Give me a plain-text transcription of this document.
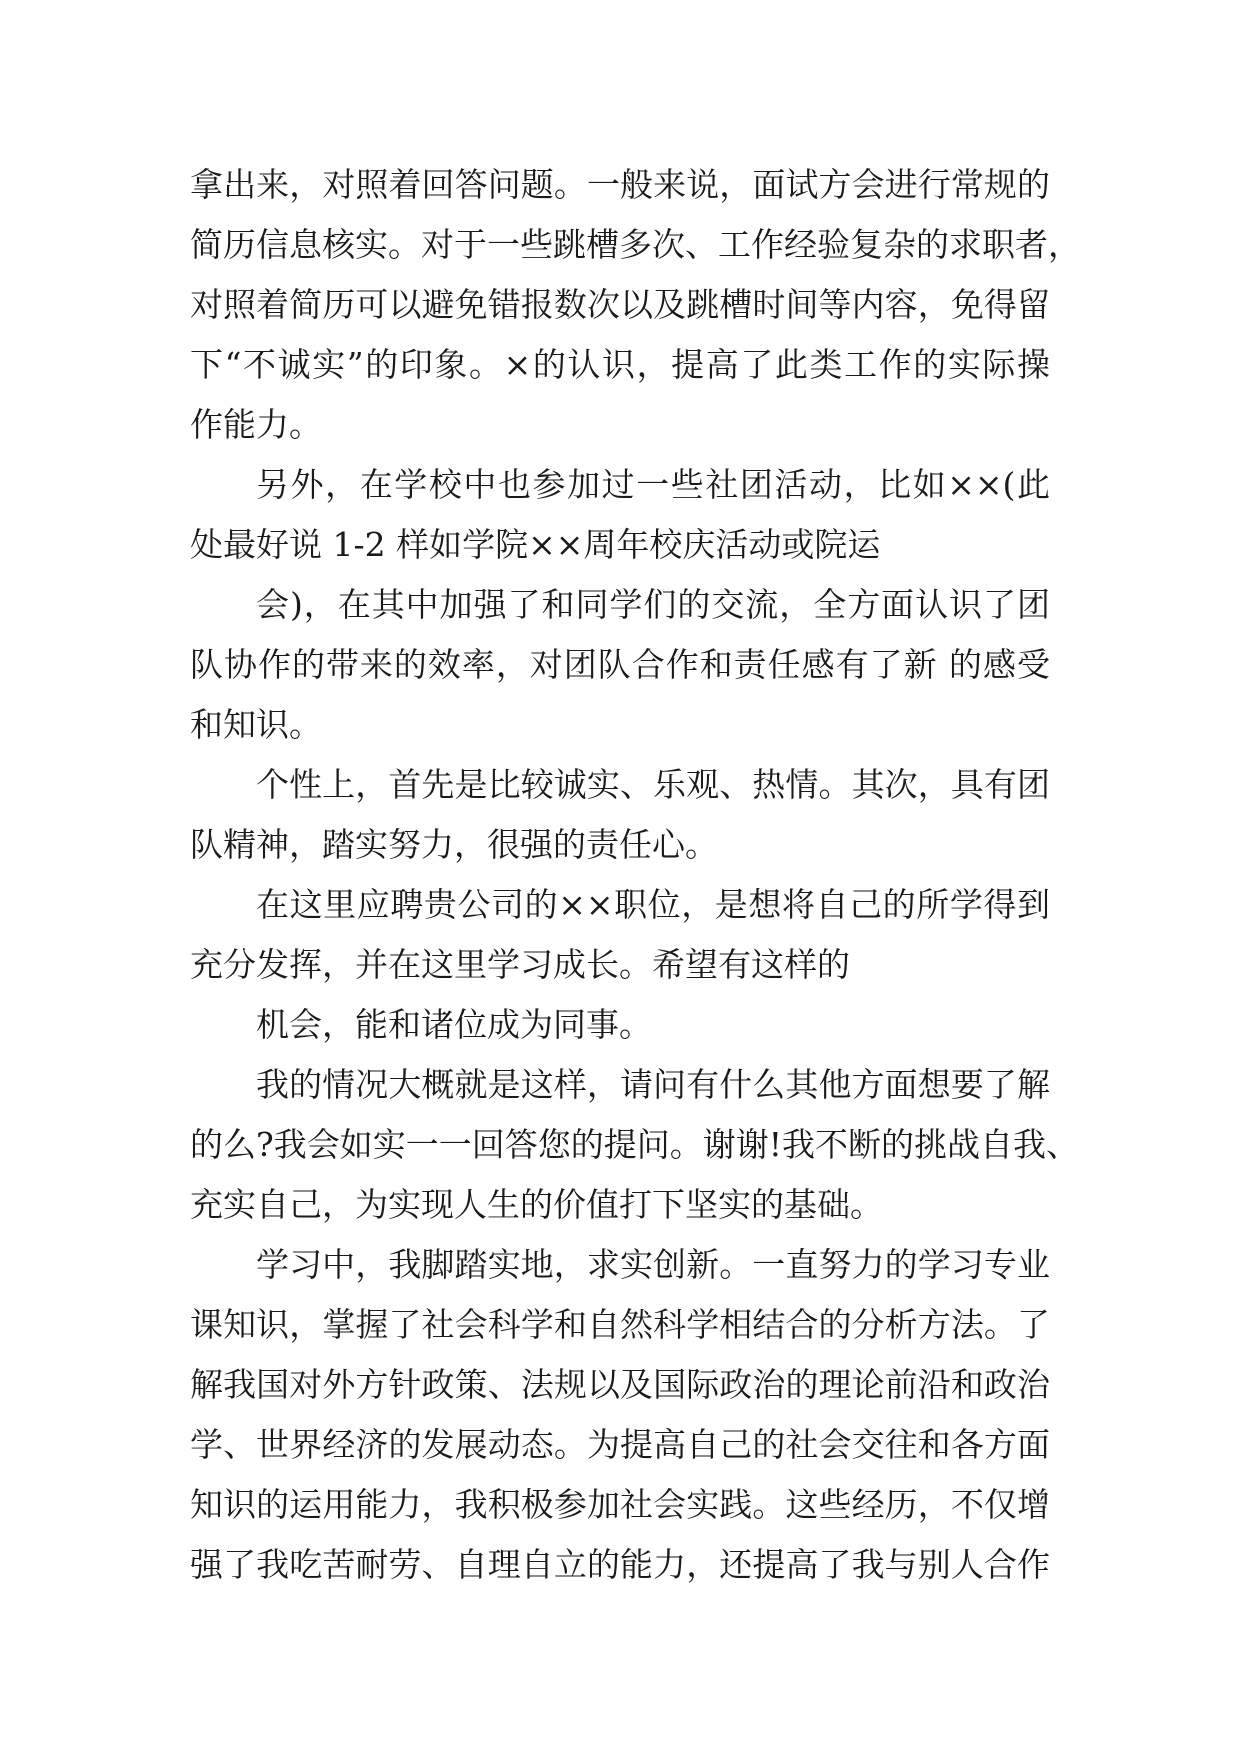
拿出来，对照着回答问题。一般来说，面试方会进行常规的
简历信息核实。对于一些跳槽多次、工作经验复杂的求职者，
对照着简历可以避免错报数次以及跳槽时间等内容，免得留
下“不诚实”的印象。×的认识，提高了此类工作的实际操
作能力。
另外，在学校中也参加过一些社团活动，比如××(此
处最好说 1-2 样如学院××周年校庆活动或院运
会)，在其中加强了和同学们的交流，全方面认识了团
队协作的带来的效率，对团队合作和责任感有了新 的感受
和知识。
个性上，首先是比较诚实、乐观、热情。其次，具有团
队精神，踏实努力，很强的责任心。
在这里应聘贵公司的××职位，是想将自己的所学得到
充分发挥，并在这里学习成长。希望有这样的
机会，能和诸位成为同事。
我的情况大概就是这样，请问有什么其他方面想要了解
的么?我会如实一一回答您的提问。谢谢!我不断的挑战自我、
充实自己，为实现人生的价值打下坚实的基础。
学习中，我脚踏实地，求实创新。一直努力的学习专业
课知识，掌握了社会科学和自然科学相结合的分析方法。了
解我国对外方针政策、法规以及国际政治的理论前沿和政治
学、世界经济的发展动态。为提高自己的社会交往和各方面
知识的运用能力，我积极参加社会实践。这些经历，不仅增
强了我吃苦耐劳、自理自立的能力，还提高了我与别人合作
